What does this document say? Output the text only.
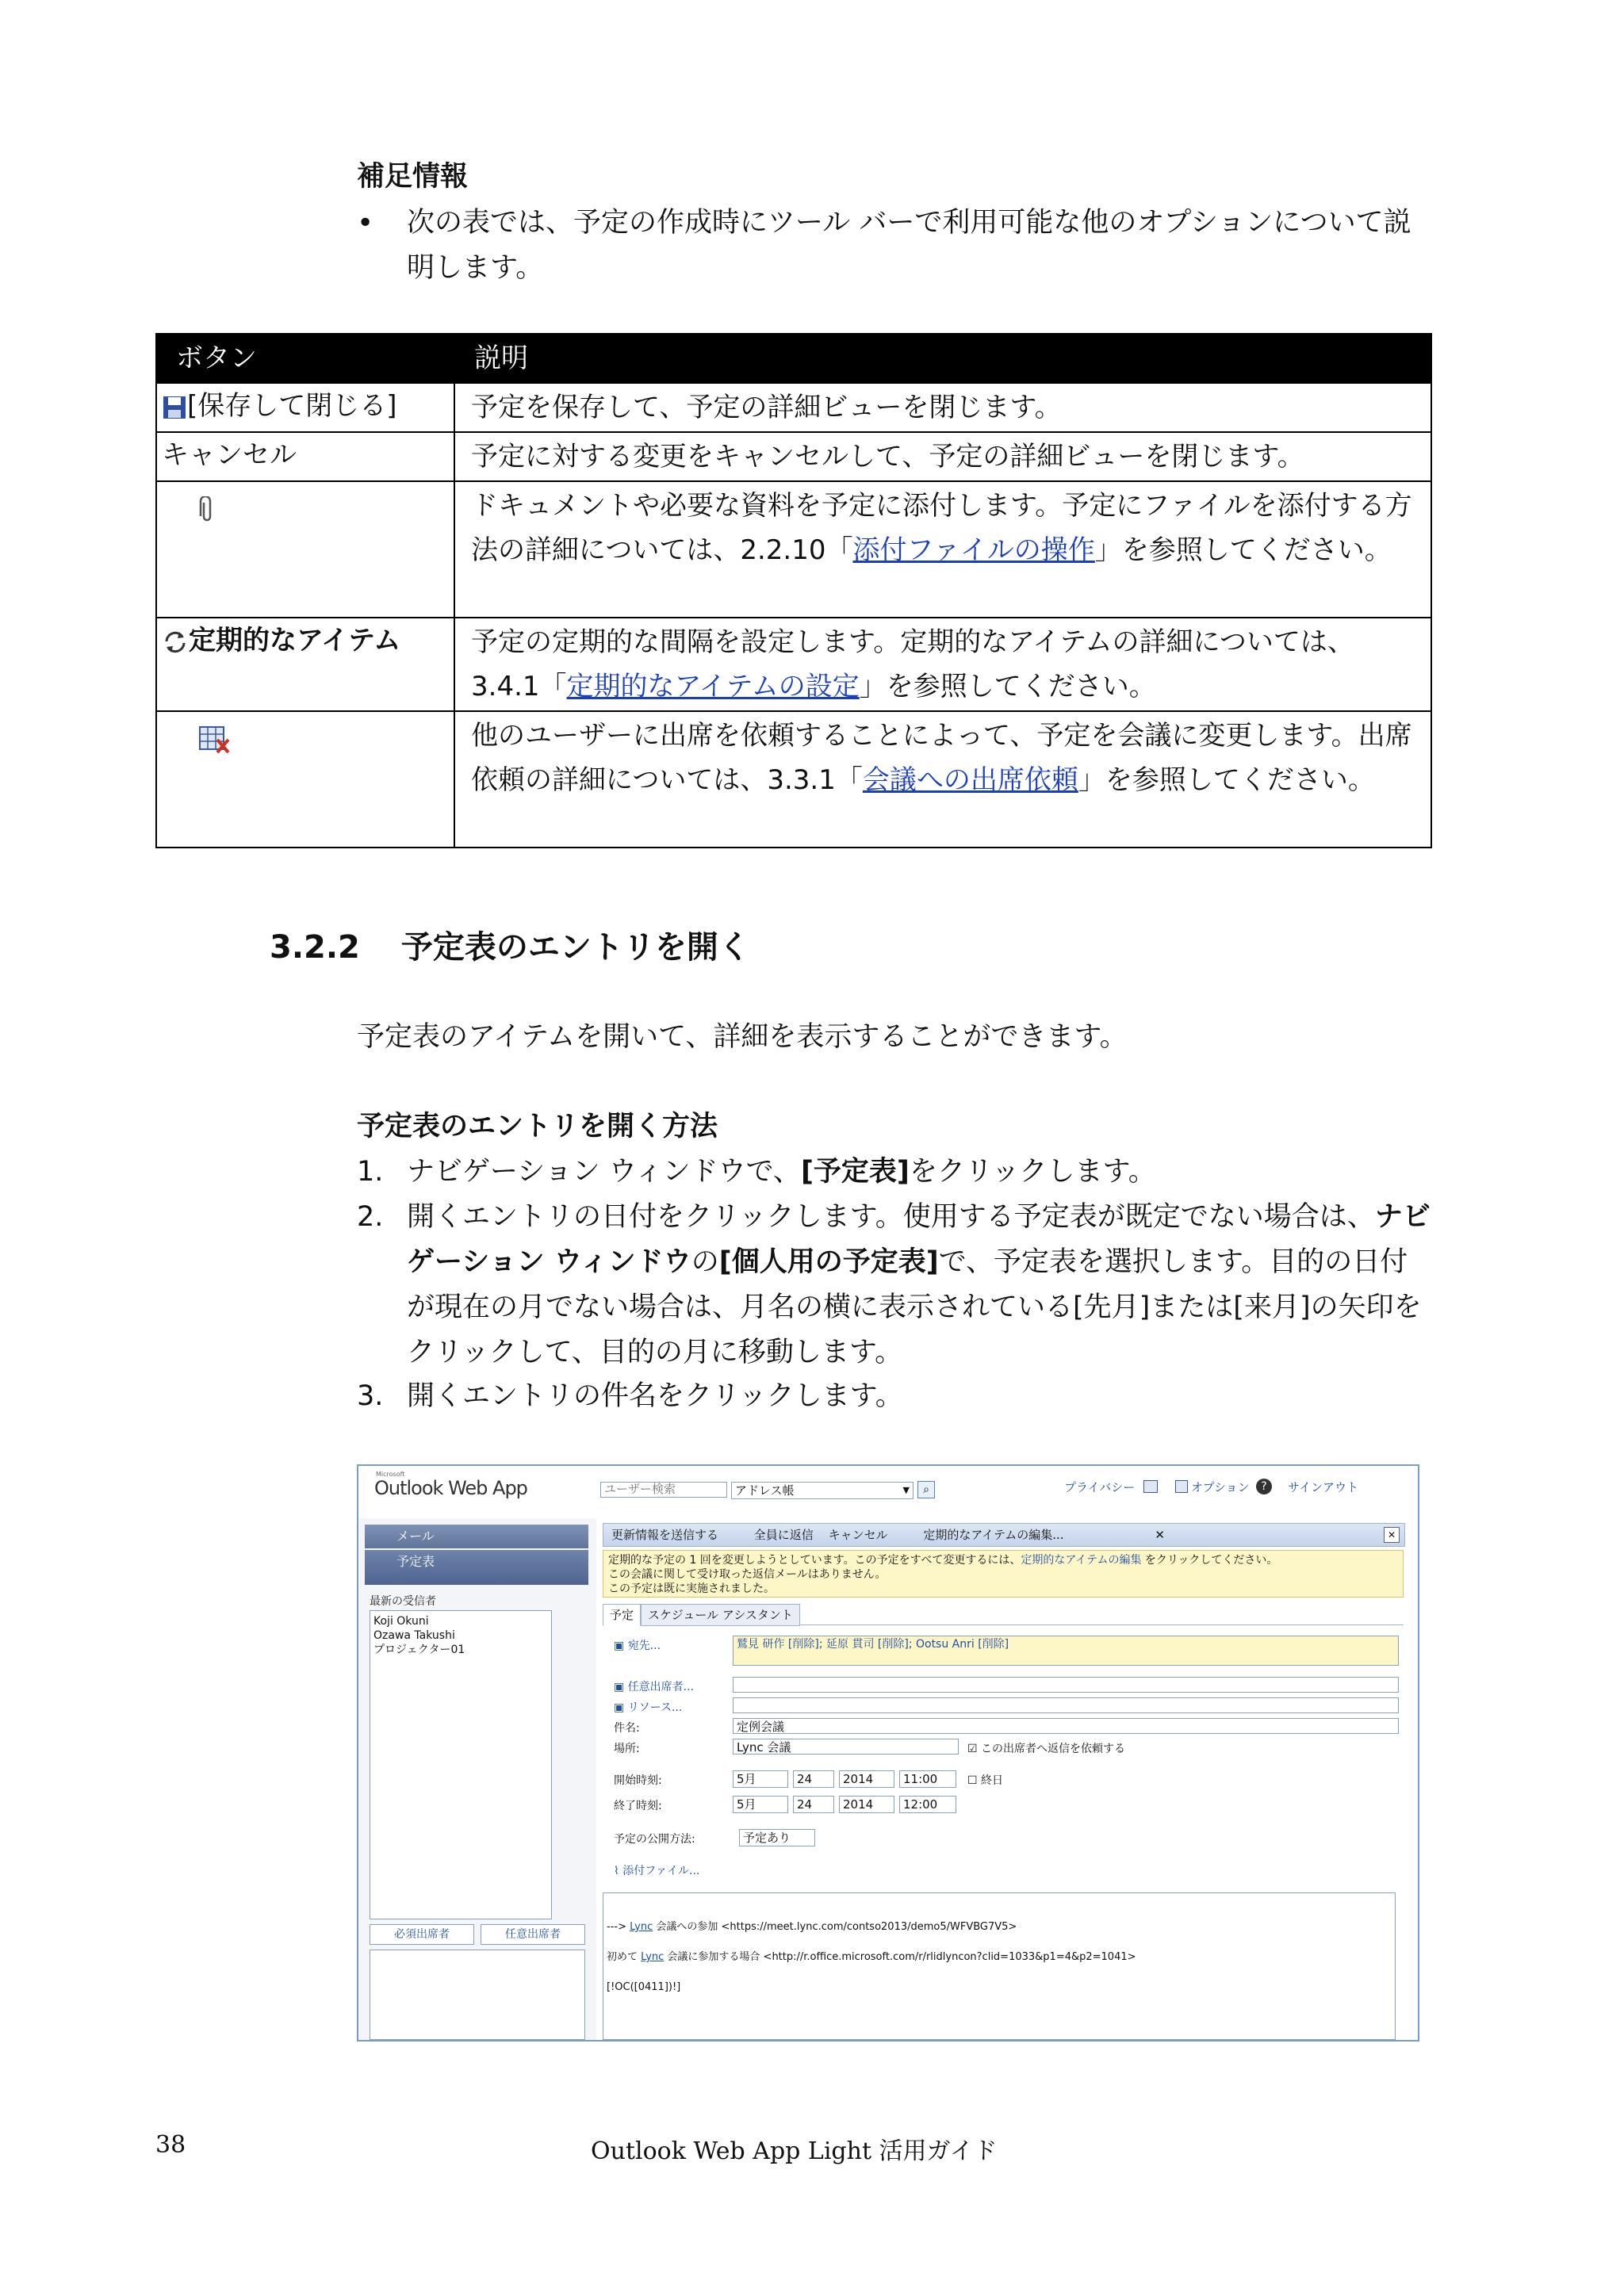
補足情報
• 次の表では、予定の作成時にツール バーで利用可能な他のオプションについて説明します。
ボタン	説明
[保存して閉じる]	予定を保存して、予定の詳細ビューを閉じます。
キャンセル	予定に対する変更をキャンセルして、予定の詳細ビューを閉じます。
	ドキュメントや必要な資料を予定に添付します。予定にファイルを添付する方法の詳細については、2.2.10「添付ファイルの操作」を参照してください。
定期的なアイテム	予定の定期的な間隔を設定します。定期的なアイテムの詳細については、3.4.1「定期的なアイテムの設定」を参照してください。
	他のユーザーに出席を依頼することによって、予定を会議に変更します。出席依頼の詳細については、3.3.1「会議への出席依頼」を参照してください。
3.2.2 予定表のエントリを開く
予定表のアイテムを開いて、詳細を表示することができます。
予定表のエントリを開く方法
1. ナビゲーション ウィンドウで、[予定表]をクリックします。
2. 開くエントリの日付をクリックします。使用する予定表が既定でない場合は、ナビゲーション ウィンドウの[個人用の予定表]で、予定表を選択します。目的の日付が現在の月でない場合は、月名の横に表示されている[先月]または[来月]の矢印をクリックして、目的の月に移動します。
3. 開くエントリの件名をクリックします。
Microsoft
Outlook Web App
ユーザー検索	アドレス帳	▼	⌕	プライバシー	オプション	?	サインアウト
メール
予定表
最新の受信者
Koji Okuni
Ozawa Takushi
プロジェクター01
必須出席者	任意出席者
更新情報を送信する	全員に返信 キャンセル	定期的なアイテムの編集...	✕	✕
定期的な予定の 1 回を変更しようとしています。この予定をすべて変更するには、定期的なアイテムの編集 をクリックしてください。
この会議に関して受け取った返信メールはありません。
この予定は既に実施されました。
予定	スケジュール アシスタント
▣ 宛先...	鷲見 研作 [削除]; 延原 貫司 [削除]; Ootsu Anri [削除]
▣ 任意出席者...
▣ リソース...
件名:	定例会議
場所:	Lync 会議	☑ この出席者へ返信を依頼する
開始時刻:	5月	24	2014	11:00	☐ 終日
終了時刻:	5月	24	2014	12:00
予定の公開方法:	予定あり
⌇ 添付ファイル...
---> Lync 会議への参加 <https://meet.lync.com/contso2013/demo5/WFVBG7V5>
初めて Lync 会議に参加する場合 <http://r.office.microsoft.com/r/rlidlyncon?clid=1033&p1=4&p2=1041>
[!OC([0411])!]
38	Outlook Web App Light 活用ガイド
